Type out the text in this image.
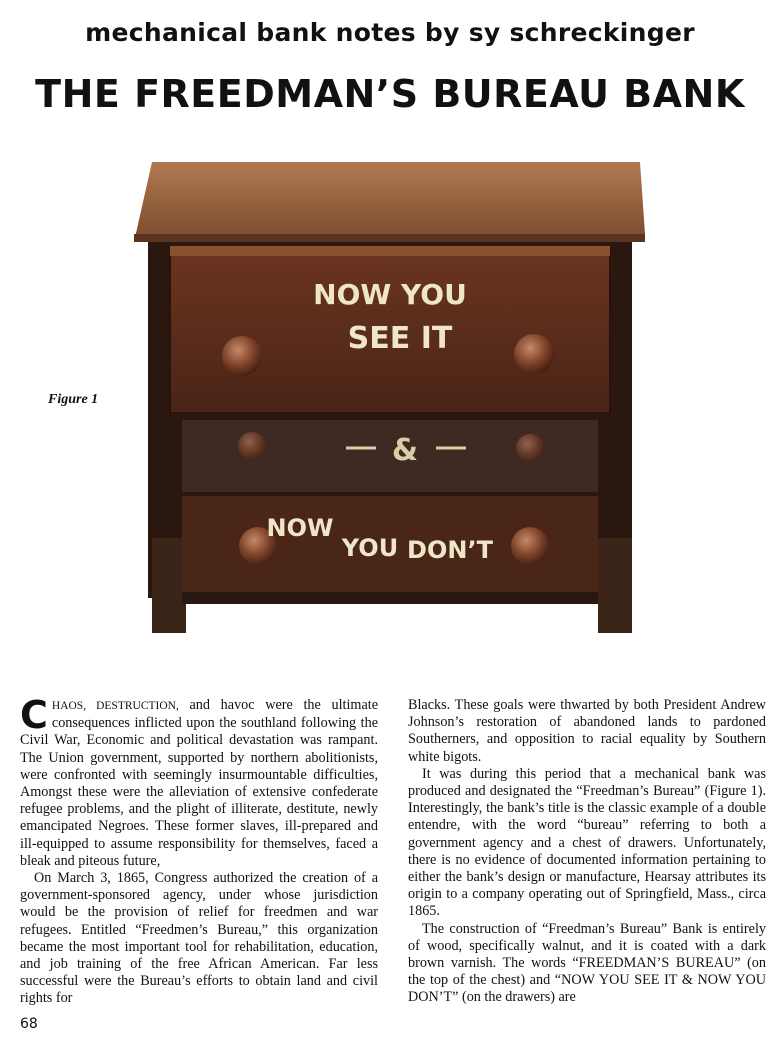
mechanical bank notes by sy schreckinger
THE FREEDMAN’S BUREAU BANK
Figure 1
NOW YOU
SEE IT
&
NOW
YOU DON’T

CHAOS, DESTRUCTION, and havoc were the ultimate consequences inflicted upon the southland following the Civil War, Economic and political devastation was rampant. The Union government, supported by northern abolitionists, were confronted with seemingly insurmountable difficulties, Amongst these were the alleviation of extensive confederate refugee problems, and the plight of illiterate, destitute, newly emancipated Negroes. These former slaves, ill-prepared and ill-equipped to assume responsibility for themselves, faced a bleak and piteous future,

On March 3, 1865, Congress authorized the creation of a government-sponsored agency, under whose jurisdiction would be the provision of relief for freedmen and war refugees. Entitled “Freedmen’s Bureau,” this organization became the most important tool for rehabilitation, education, and job training of the free African American. Far less successful were the Bureau’s efforts to obtain land and civil rights for

Blacks. These goals were thwarted by both President Andrew Johnson’s restoration of abandoned lands to pardoned Southerners, and opposition to racial equality by Southern white bigots.

It was during this period that a mechanical bank was produced and designated the “Freedman’s Bureau” (Figure 1). Interestingly, the bank’s title is the classic example of a double entendre, with the word “bureau” referring to both a government agency and a chest of drawers. Unfortunately, there is no evidence of documented information pertaining to either the bank’s design or manufacture, Hearsay attributes its origin to a company operating out of Springfield, Mass., circa 1865.

The construction of “Freedman’s Bureau” Bank is entirely of wood, specifically walnut, and it is coated with a dark brown varnish. The words “FREEDMAN’S BUREAU” (on the top of the chest) and “NOW YOU SEE IT & NOW YOU DON’T” (on the drawers) are

68
